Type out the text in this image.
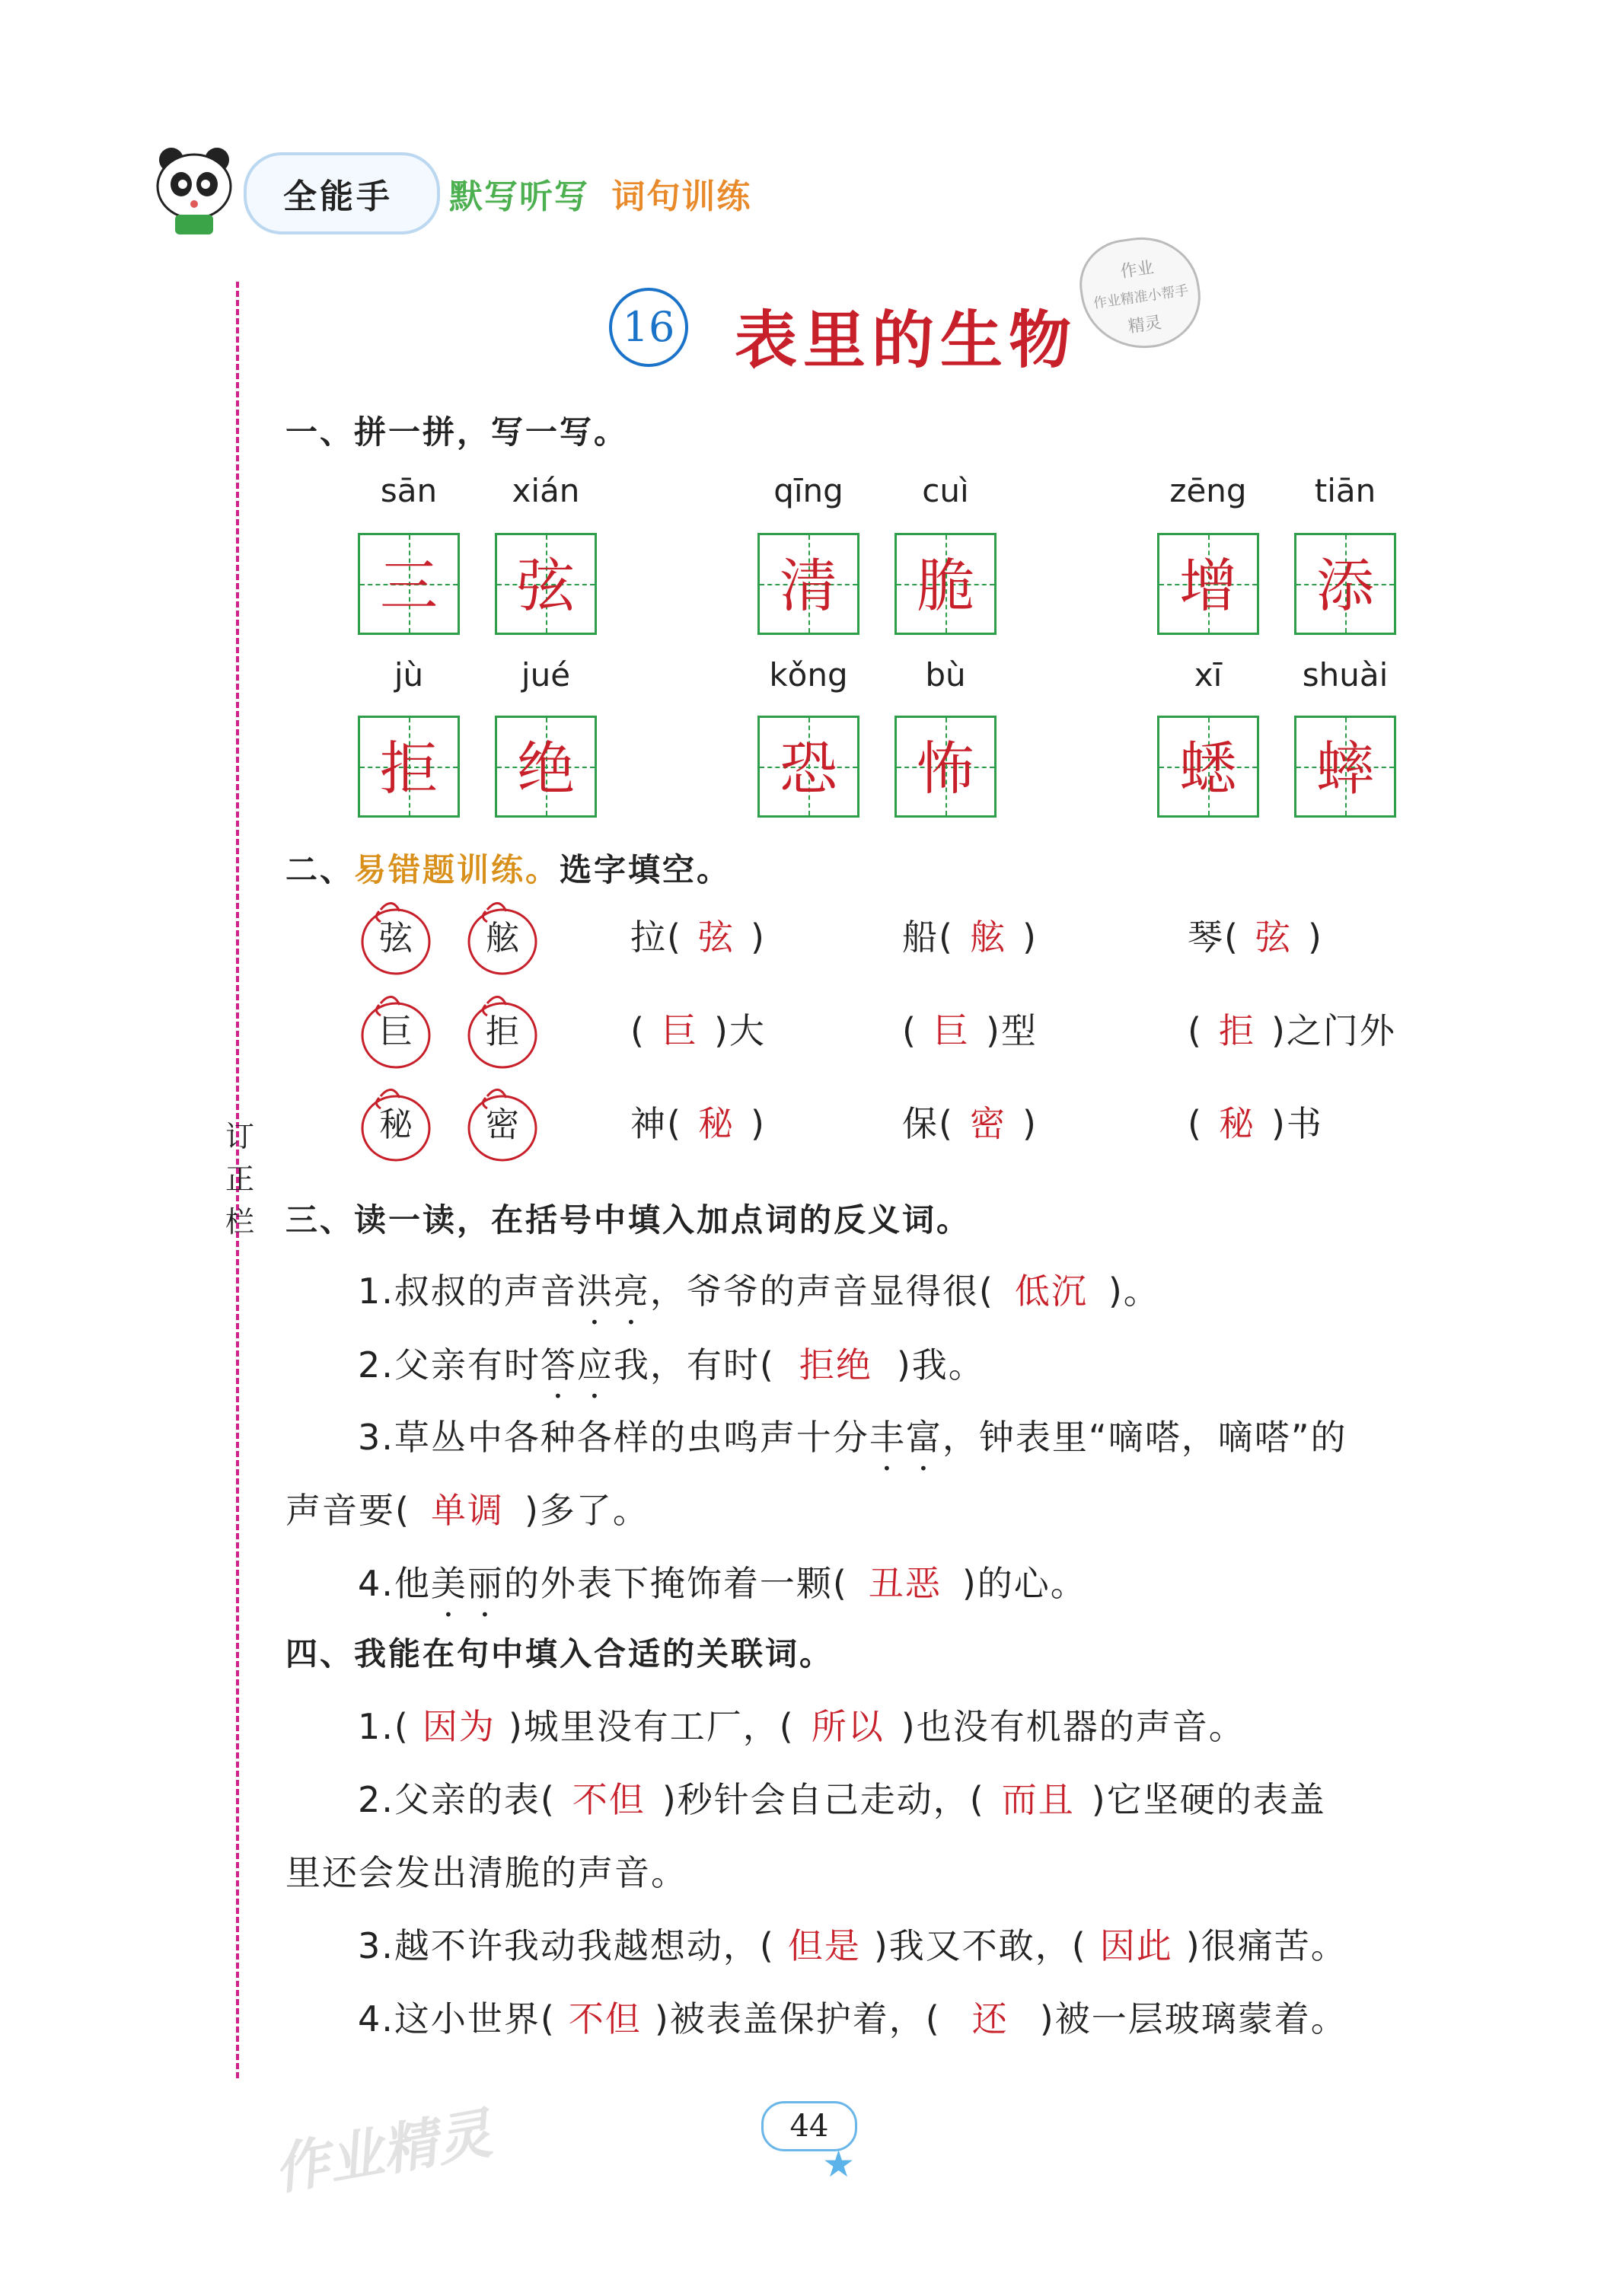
全能手 默写听写 词句训练
订正栏
16 表里的生物
作业
作业精准小帮手
精灵
一、拼一拼，写一写。
二、易错题训练。选字填空。
三、读一读，在括号中填入加点词的反义词。
1.叔叔的声音洪
•
亮
•
，爷爷的声音显得很( 低沉 )。
2.父亲有时答
•
应
•
我，有时( 拒绝 )我。
3.草丛中各种各样的虫鸣声十分丰
•
富
•
，钟表里“嘀嗒，嘀嗒”的
声音要( 单调 )多了。
4.他美
•
丽
•
的外表下掩饰着一颗( 丑恶 )的心。
四、我能在句中填入合适的关联词。
1.( 因为 )城里没有工厂，( 所以 )也没有机器的声音。
2.父亲的表( 不但 )秒针会自己走动，( 而且 )它坚硬的表盖
里还会发出清脆的声音。
3.越不许我动我越想动，( 但是 )我又不敢，( 因此 )很痛苦。
4.这小世界( 不但 )被表盖保护着，( 还 )被一层玻璃蒙着。
44
★
作业精灵
sān
三
xián
弦
qīng
清
cuì
脆
zēng
增
tiān
添
jù
拒
jué
绝
kǒng
恐
bù
怖
xī
蟋
shuài
蟀
弦	舷	拉( 弦 )	船( 舷 )	琴( 弦 )
巨	拒	( 巨 )大	( 巨 )型	( 拒 )之门外
秘	密	神( 秘 )	保( 密 )	( 秘 )书
